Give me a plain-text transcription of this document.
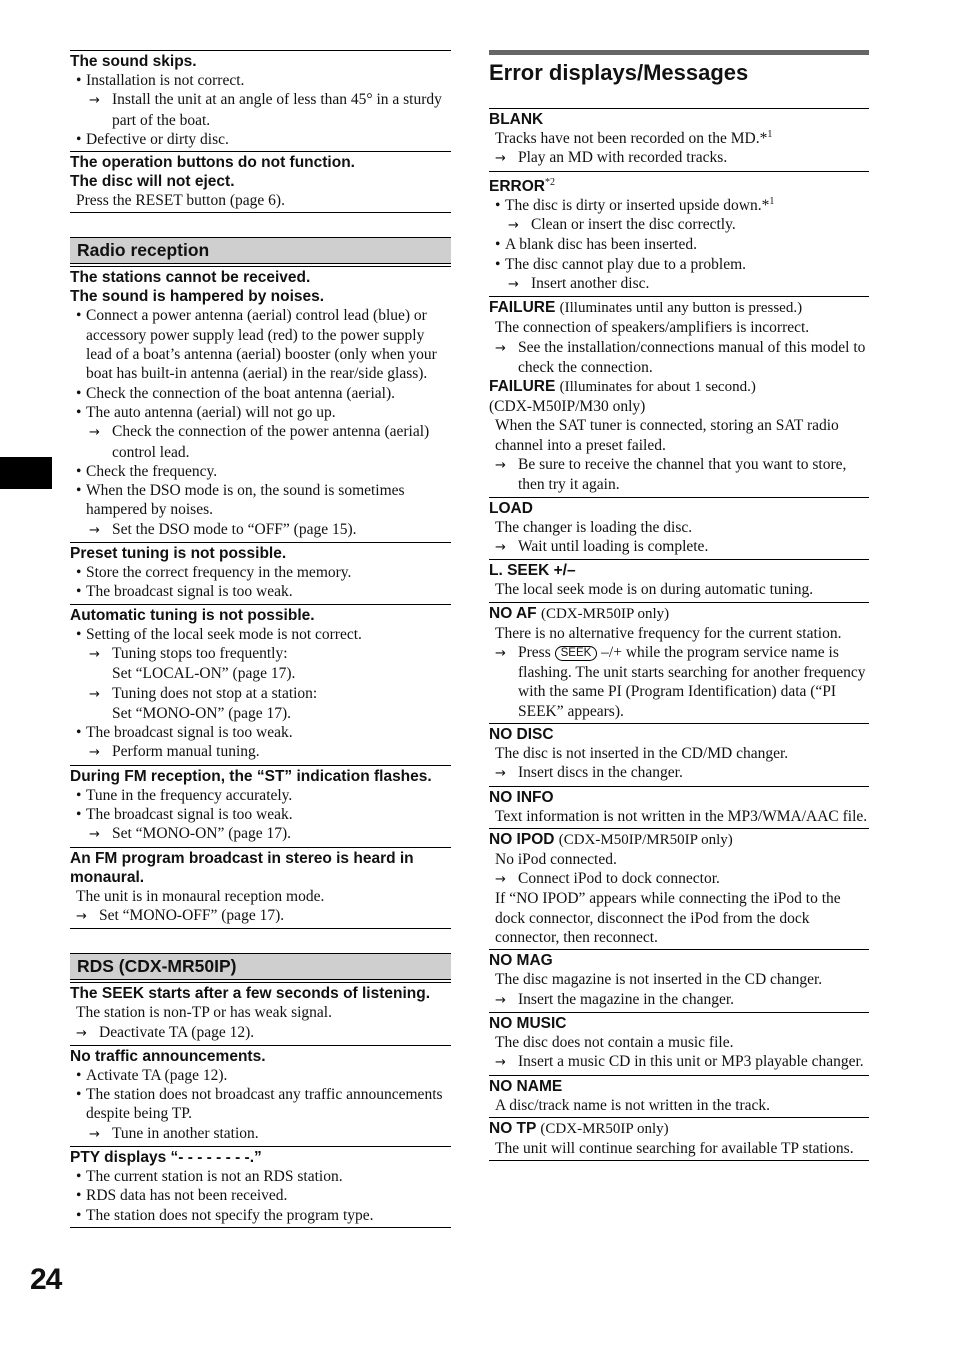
24
The sound skips.
• Installation is not correct.
→ Install the unit at an angle of less than 45° in a sturdy part of the boat.
• Defective or dirty disc.
The operation buttons do not function.
The disc will not eject.
Press the RESET button (page 6).
Radio reception
The stations cannot be received.
The sound is hampered by noises.
• Connect a power antenna (aerial) control lead (blue) or accessory power supply lead (red) to the power supply lead of a boat’s antenna (aerial) booster (only when your boat has built-in antenna (aerial) in the rear/side glass).
• Check the connection of the boat antenna (aerial).
• The auto antenna (aerial) will not go up.
→ Check the connection of the power antenna (aerial) control lead.
• Check the frequency.
• When the DSO mode is on, the sound is sometimes hampered by noises.
→ Set the DSO mode to “OFF” (page 15).
Preset tuning is not possible.
• Store the correct frequency in the memory.
• The broadcast signal is too weak.
Automatic tuning is not possible.
• Setting of the local seek mode is not correct.
→ Tuning stops too frequently:
Set “LOCAL-ON” (page 17).
→ Tuning does not stop at a station:
Set “MONO-ON” (page 17).
• The broadcast signal is too weak.
→ Perform manual tuning.
During FM reception, the “ST” indication flashes.
• Tune in the frequency accurately.
• The broadcast signal is too weak.
→ Set “MONO-ON” (page 17).
An FM program broadcast in stereo is heard in monaural.
The unit is in monaural reception mode.
→ Set “MONO-OFF” (page 17).
RDS (CDX-MR50IP)
The SEEK starts after a few seconds of listening.
The station is non-TP or has weak signal.
→ Deactivate TA (page 12).
No traffic announcements.
• Activate TA (page 12).
• The station does not broadcast any traffic announcements despite being TP.
→ Tune in another station.
PTY displays “- - - - - - - -.”
• The current station is not an RDS station.
• RDS data has not been received.
• The station does not specify the program type.
Error displays/Messages
BLANK
Tracks have not been recorded on the MD.*$^1$
→ Play an MD with recorded tracks.
ERROR$^{*2}$
• The disc is dirty or inserted upside down.*$^1$
→ Clean or insert the disc correctly.
• A blank disc has been inserted.
• The disc cannot play due to a problem.
→ Insert another disc.
FAILURE (Illuminates until any button is pressed.)
The connection of speakers/amplifiers is incorrect.
→ See the installation/connections manual of this model to check the connection.
FAILURE (Illuminates for about 1 second.)
(CDX-M50IP/M30 only)
When the SAT tuner is connected, storing an SAT radio channel into a preset failed.
→ Be sure to receive the channel that you want to store, then try it again.
LOAD
The changer is loading the disc.
→ Wait until loading is complete.
L. SEEK +/–
The local seek mode is on during automatic tuning.
NO AF (CDX-MR50IP only)
There is no alternative frequency for the current station.
→ Press SEEK –/+ while the program service name is flashing. The unit starts searching for another frequency with the same PI (Program Identification) data (“PI SEEK” appears).
NO DISC
The disc is not inserted in the CD/MD changer.
→ Insert discs in the changer.
NO INFO
Text information is not written in the MP3/WMA/AAC file.
NO IPOD (CDX-M50IP/MR50IP only)
No iPod connected.
→ Connect iPod to dock connector.
If “NO IPOD” appears while connecting the iPod to the dock connector, disconnect the iPod from the dock connector, then reconnect.
NO MAG
The disc magazine is not inserted in the CD changer.
→ Insert the magazine in the changer.
NO MUSIC
The disc does not contain a music file.
→ Insert a music CD in this unit or MP3 playable changer.
NO NAME
A disc/track name is not written in the track.
NO TP (CDX-MR50IP only)
The unit will continue searching for available TP stations.
